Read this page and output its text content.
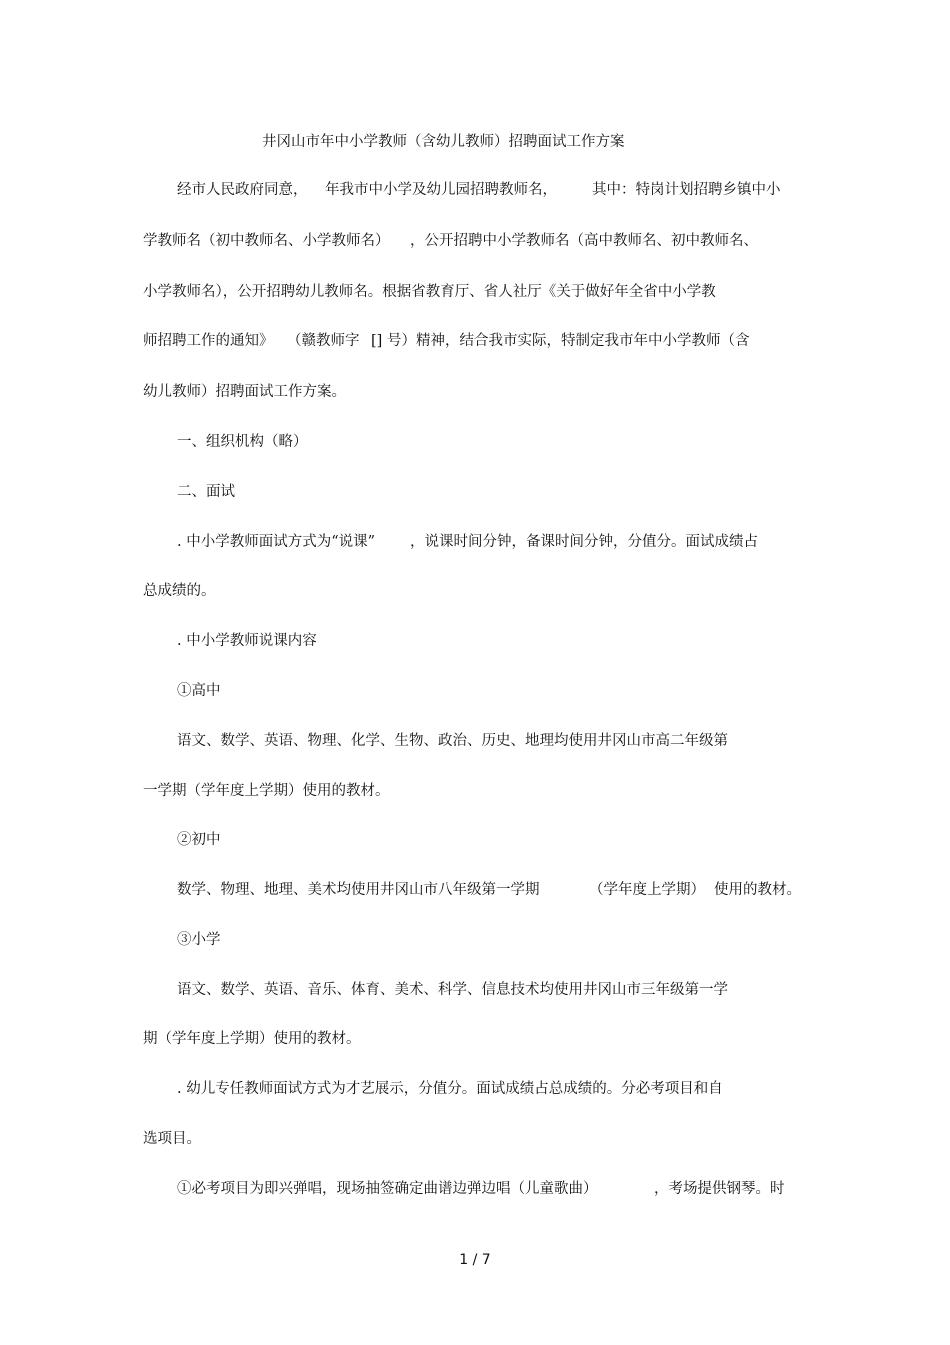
井冈山市年中小学教师（含幼儿教师）招聘面试工作方案
经市人民政府同意， 年我市中小学及幼儿园招聘教师名， 其中：特岗计划招聘乡镇中小
学教师名（初中教师名、小学教师名） ，公开招聘中小学教师名（高中教师名、初中教师名、
小学教师名），公开招聘幼儿教师名。根据省教育厅、省人社厅《关于做好年全省中小学教
师招聘工作的通知》 （赣教师字 [] 号）精神，结合我市实际，特制定我市年中小学教师（含
幼儿教师）招聘面试工作方案。
一、组织机构（略）
二、面试
. 中小学教师面试方式为“说课” ，说课时间分钟，备课时间分钟，分值分。面试成绩占
总成绩的。
. 中小学教师说课内容
①高中
语文、数学、英语、物理、化学、生物、政治、历史、地理均使用井冈山市高二年级第
一学期（学年度上学期）使用的教材。
②初中
数学、物理、地理、美术均使用井冈山市八年级第一学期	（学年度上学期） 使用的教材。
③小学
语文、数学、英语、音乐、体育、美术、科学、信息技术均使用井冈山市三年级第一学
期（学年度上学期）使用的教材。
. 幼儿专任教师面试方式为才艺展示，分值分。面试成绩占总成绩的。分必考项目和自
选项目。
①必考项目为即兴弹唱，现场抽签确定曲谱边弹边唱（儿童歌曲）	，考场提供钢琴。时
1 / 7
